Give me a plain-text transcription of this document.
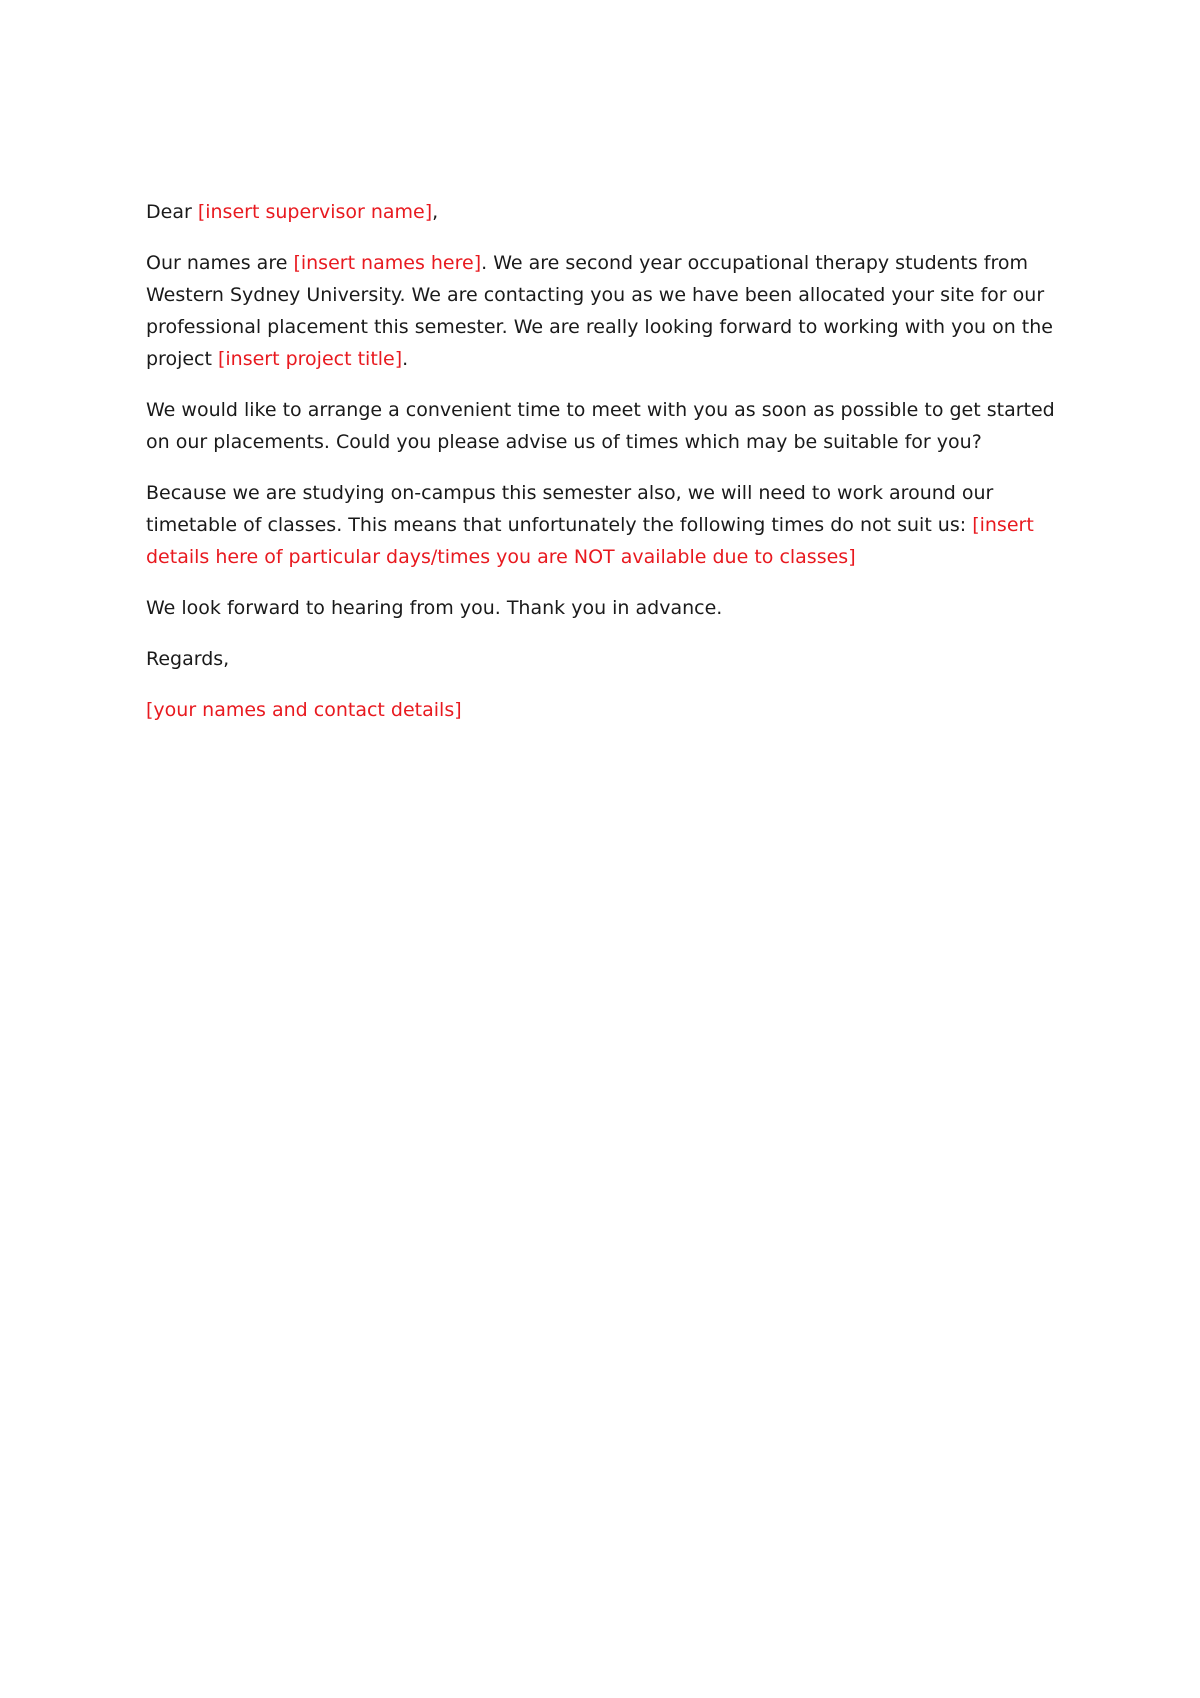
Dear [insert supervisor name],

Our names are [insert names here]. We are second year occupational therapy students from Western Sydney University. We are contacting you as we have been allocated your site for our professional placement this semester. We are really looking forward to working with you on the project [insert project title].

We would like to arrange a convenient time to meet with you as soon as possible to get started on our placements. Could you please advise us of times which may be suitable for you?

Because we are studying on-campus this semester also, we will need to work around our timetable of classes. This means that unfortunately the following times do not suit us: [insert details here of particular days/times you are NOT available due to classes]

We look forward to hearing from you. Thank you in advance.

Regards,

[your names and contact details]
